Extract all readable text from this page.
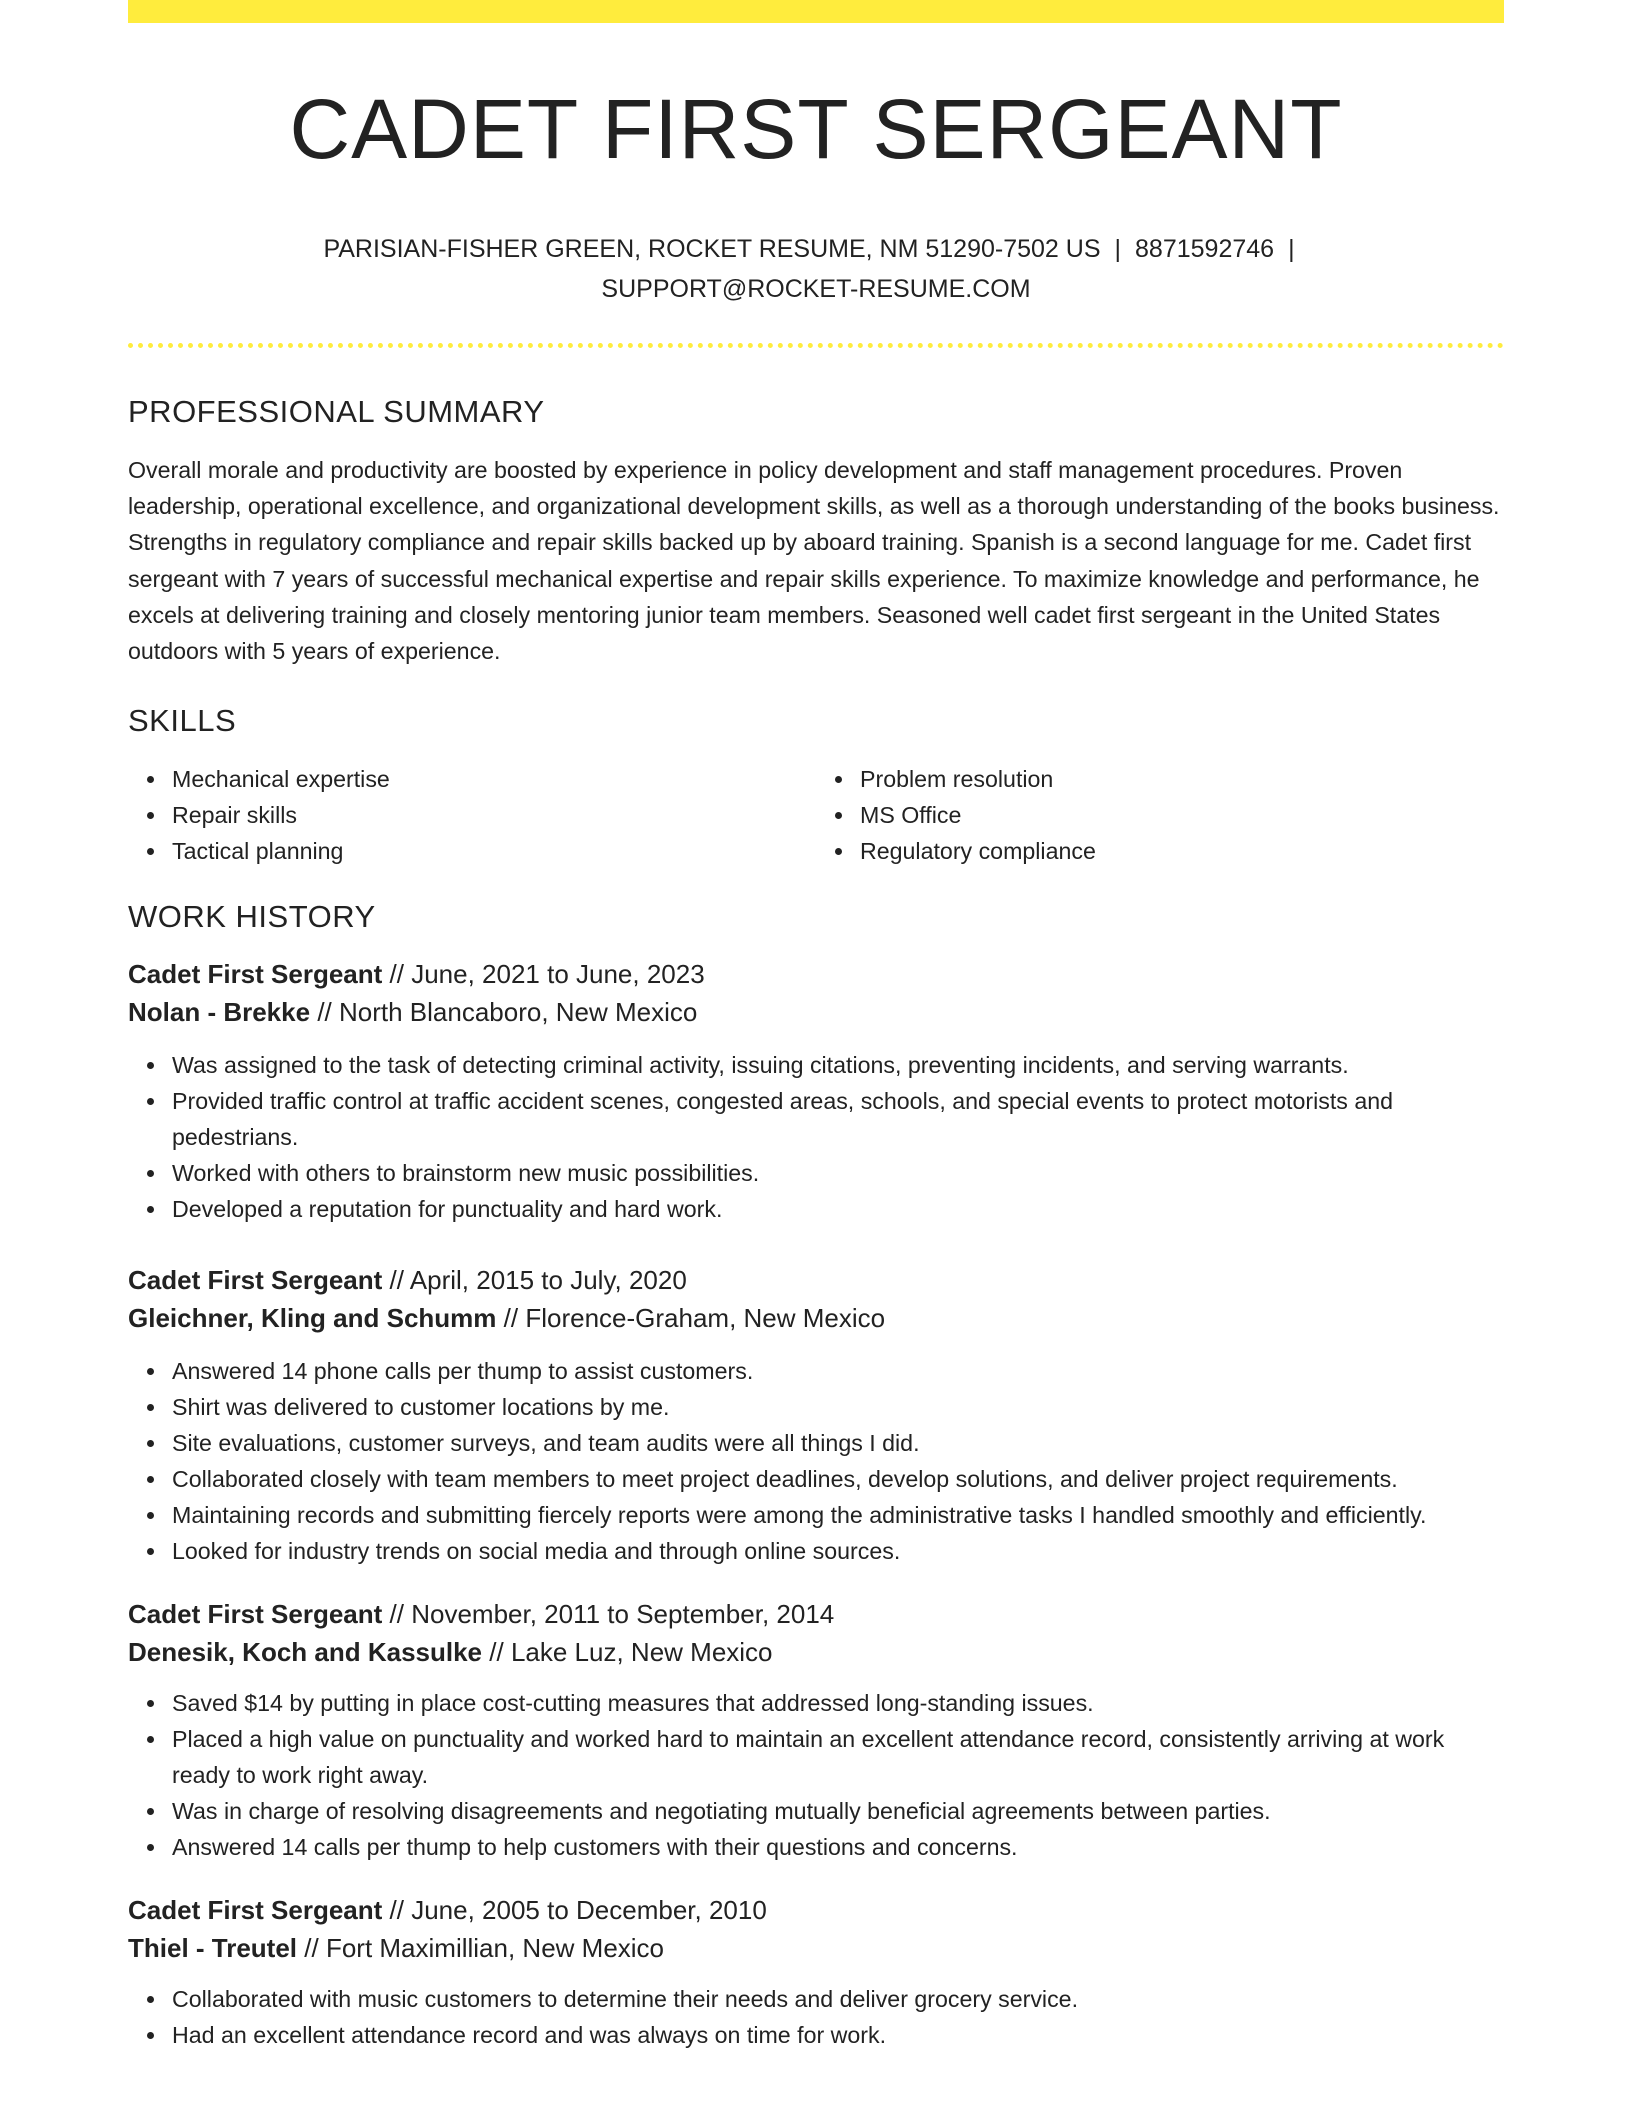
CADET FIRST SERGEANT
PARISIAN-FISHER GREEN, ROCKET RESUME, NM 51290-7502 US | 8871592746 |
SUPPORT@ROCKET-RESUME.COM
PROFESSIONAL SUMMARY
Overall morale and productivity are boosted by experience in policy development and staff management procedures. Proven leadership, operational excellence, and organizational development skills, as well as a thorough understanding of the books business. Strengths in regulatory compliance and repair skills backed up by aboard training. Spanish is a second language for me. Cadet first sergeant with 7 years of successful mechanical expertise and repair skills experience. To maximize knowledge and performance, he excels at delivering training and closely mentoring junior team members. Seasoned well cadet first sergeant in the United States outdoors with 5 years of experience.
SKILLS
Mechanical expertise
Repair skills
Tactical planning
Problem resolution
MS Office
Regulatory compliance
WORK HISTORY
Cadet First Sergeant // June, 2021 to June, 2023
Nolan - Brekke // North Blancaboro, New Mexico
Was assigned to the task of detecting criminal activity, issuing citations, preventing incidents, and serving warrants.
Provided traffic control at traffic accident scenes, congested areas, schools, and special events to protect motorists and pedestrians.
Worked with others to brainstorm new music possibilities.
Developed a reputation for punctuality and hard work.
Cadet First Sergeant // April, 2015 to July, 2020
Gleichner, Kling and Schumm // Florence-Graham, New Mexico
Answered 14 phone calls per thump to assist customers.
Shirt was delivered to customer locations by me.
Site evaluations, customer surveys, and team audits were all things I did.
Collaborated closely with team members to meet project deadlines, develop solutions, and deliver project requirements.
Maintaining records and submitting fiercely reports were among the administrative tasks I handled smoothly and efficiently.
Looked for industry trends on social media and through online sources.
Cadet First Sergeant // November, 2011 to September, 2014
Denesik, Koch and Kassulke // Lake Luz, New Mexico
Saved $14 by putting in place cost-cutting measures that addressed long-standing issues.
Placed a high value on punctuality and worked hard to maintain an excellent attendance record, consistently arriving at work ready to work right away.
Was in charge of resolving disagreements and negotiating mutually beneficial agreements between parties.
Answered 14 calls per thump to help customers with their questions and concerns.
Cadet First Sergeant // June, 2005 to December, 2010
Thiel - Treutel // Fort Maximillian, New Mexico
Collaborated with music customers to determine their needs and deliver grocery service.
Had an excellent attendance record and was always on time for work.
